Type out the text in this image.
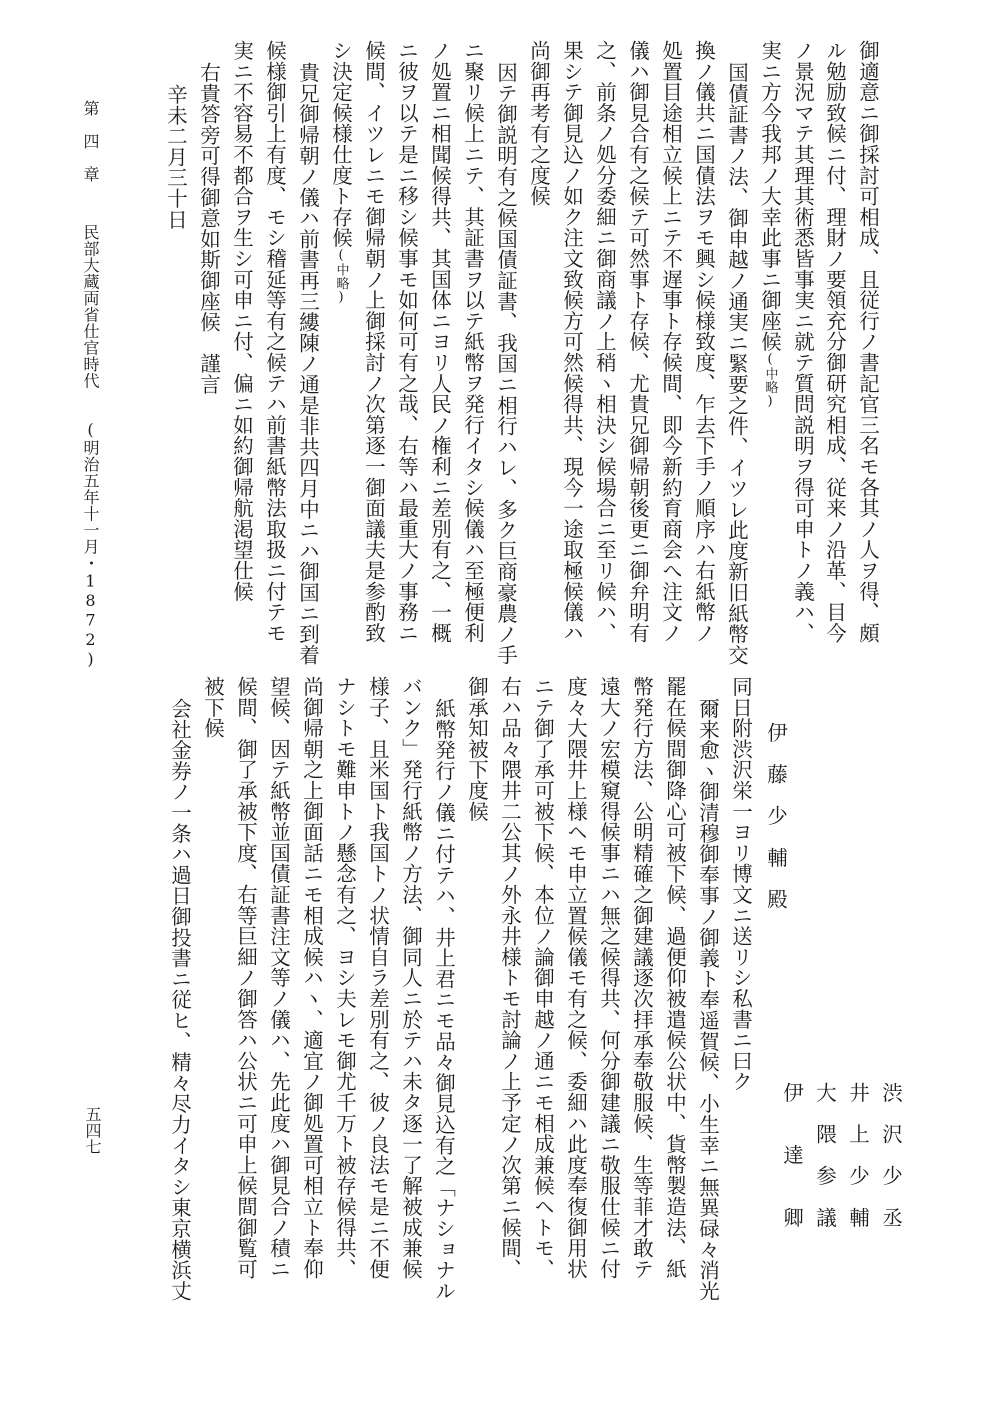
御適意ニ御採討可相成、且従行ノ書記官三名モ各其ノ人ヲ得、頗
ル勉励致候ニ付、理財ノ要領充分御研究相成、従来ノ沿革、目今
ノ景況マテ其理其術悉皆事実ニ就テ質問説明ヲ得可申トノ義ハ、
実ニ方今我邦ノ大幸此事ニ御座候(中略)
国債証書ノ法、御申越ノ通実ニ緊要之件、イツレ此度新旧紙幣交
換ノ儀共ニ国債法ヲモ興シ候様致度、乍去下手ノ順序ハ右紙幣ノ
処置目途相立候上ニテ不遅事ト存候間、即今新約育商会へ注文ノ
儀ハ御見合有之候テ可然事ト存候、尤貴兄御帰朝後更ニ御弁明有
之、前条ノ処分委細ニ御商議ノ上稍ヽ相決シ候場合ニ至リ候ハ、
果シテ御見込ノ如ク注文致候方可然候得共、現今一途取極候儀ハ
尚御再考有之度候
因テ御説明有之候国債証書、我国ニ相行ハレ、多ク巨商豪農ノ手
ニ聚リ候上ニテ、其証書ヲ以テ紙幣ヲ発行イタシ候儀ハ至極便利
ノ処置ニ相聞候得共、其国体ニヨリ人民ノ権利ニ差別有之、一概
ニ彼ヲ以テ是ニ移シ候事モ如何可有之哉、右等ハ最重大ノ事務ニ
候間、イツレニモ御帰朝ノ上御採討ノ次第逐一御面議夫是参酌致
シ決定候様仕度ト存候(中略)
貴兄御帰朝ノ儀ハ前書再三縷陳ノ通是非共四月中ニハ御国ニ到着
候様御引上有度、モシ稽延等有之候テハ前書紙幣法取扱ニ付テモ
実ニ不容易不都合ヲ生シ可申ニ付、偏ニ如約御帰航渇望仕候
右貴答旁可得御意如斯御座候　謹言
辛未二月三十日
第　四　章
民部大蔵両省仕官時代
(明治五年十一月・1872)
渋　沢　少　丞
井　上　少　輔
大　隈　参　議
伊　　達　　卿
伊　藤　少　輔　殿
同日附渋沢栄一ヨリ博文ニ送リシ私書ニ曰ク
爾来愈ヽ御清穆御奉事ノ御義ト奉遥賀候、小生幸ニ無異碌々消光
罷在候間御降心可被下候、過便仰被遣候公状中、貨幣製造法、紙
幣発行方法、公明精確之御建議逐次拝承奉敬服候、生等菲才敢テ
遠大ノ宏模窺得候事ニハ無之候得共、何分御建議ニ敬服仕候ニ付
度々大隈井上様ヘモ申立置候儀モ有之候、委細ハ此度奉復御用状
ニテ御了承可被下候、本位ノ論御申越ノ通ニモ相成兼候ヘトモ、
右ハ品々隈井二公其ノ外永井様トモ討論ノ上予定ノ次第ニ候間、
御承知被下度候
紙幣発行ノ儀ニ付テハ、井上君ニモ品々御見込有之「ナショナル
バンク」発行紙幣ノ方法、御同人ニ於テハ未タ逐一了解被成兼候
様子、且米国ト我国トノ状情自ラ差別有之、彼ノ良法モ是ニ不便
ナシトモ難申トノ懸念有之、ヨシ夫レモ御尤千万ト被存候得共、
尚御帰朝之上御面話ニモ相成候ハヽ、適宜ノ御処置可相立ト奉仰
望候、因テ紙幣並国債証書注文等ノ儀ハ、先此度ハ御見合ノ積ニ
候間、御了承被下度、右等巨細ノ御答ハ公状ニ可申上候間御覧可
被下候
会社金券ノ一条ハ過日御投書ニ従ヒ、精々尽力イタシ東京横浜丈
五四七
